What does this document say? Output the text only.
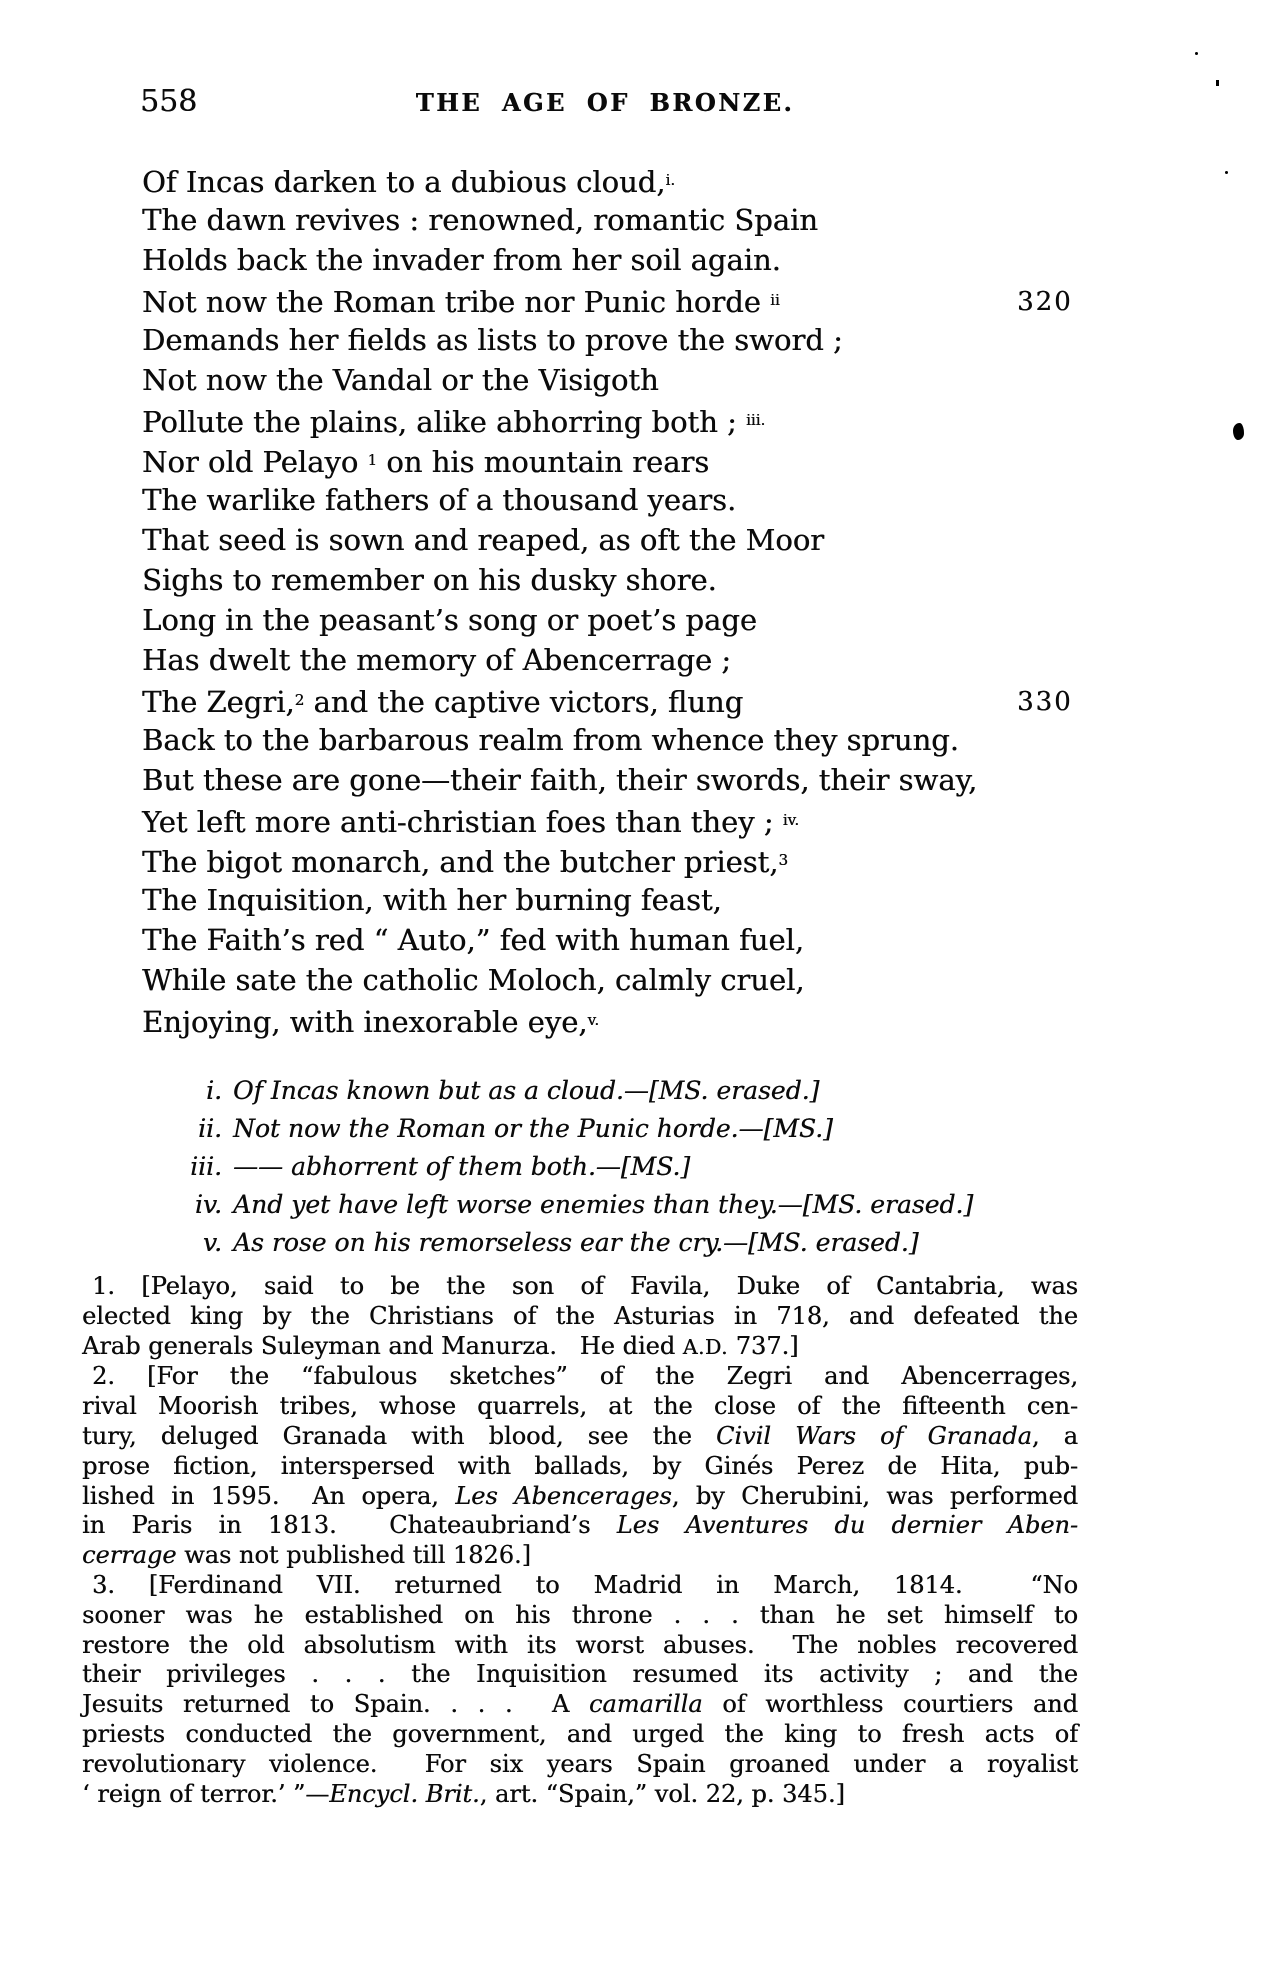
558	THE AGE OF BRONZE.
Of Incas darken to a dubious cloud,$^{i.}$
The dawn revives : renowned, romantic Spain
Holds back the invader from her soil again.
Not now the Roman tribe nor Punic horde $^{ii}$	320
Demands her fields as lists to prove the sword ;
Not now the Vandal or the Visigoth
Pollute the plains, alike abhorring both ; $^{iii.}$
Nor old Pelayo $^1$ on his mountain rears
The warlike fathers of a thousand years.
That seed is sown and reaped, as oft the Moor
Sighs to remember on his dusky shore.
Long in the peasant’s song or poet’s page
Has dwelt the memory of Abencerrage ;
The Zegri,$^2$ and the captive victors, flung	330
Back to the barbarous realm from whence they sprung.
But these are gone—their faith, their swords, their sway,
Yet left more anti-christian foes than they ; $^{iv.}$
The bigot monarch, and the butcher priest,$^3$
The Inquisition, with her burning feast,
The Faith’s red “ Auto,” fed with human fuel,
While sate the catholic Moloch, calmly cruel,
Enjoying, with inexorable eye,$^{v.}$
i. Of Incas known but as a cloud.—[MS. erased.]
ii. Not now the Roman or the Punic horde.—[MS.]
iii. —— abhorrent of them both.—[MS.]
iv. And yet have left worse enemies than they.—[MS. erased.]
v. As rose on his remorseless ear the cry.—[MS. erased.]
1. [Pelayo, said to be the son of Favila, Duke of Cantabria, was
elected king by the Christians of the Asturias in 718, and defeated the
Arab generals Suleyman and Manurza.   He died A.D. 737.]
2. [For the “fabulous sketches” of the Zegri and Abencerrages,
rival Moorish tribes, whose quarrels, at the close of the fifteenth cen-
tury, deluged Granada with blood, see the Civil Wars of Granada, a
prose fiction, interspersed with ballads, by Ginés Perez de Hita, pub-
lished in 1595.  An opera, Les Abencerages, by Cherubini, was performed
in Paris in 1813.  Chateaubriand’s Les Aventures du dernier Aben-
cerrage was not published till 1826.]
3. [Ferdinand VII. returned to Madrid in March, 1814.  “No
sooner was he established on his throne . . . than he set himself to
restore the old absolutism with its worst abuses.  The nobles recovered
their privileges . . . the Inquisition resumed its activity ; and the
Jesuits returned to Spain. . . .  A camarilla of worthless courtiers and
priests conducted the government, and urged the king to fresh acts of
revolutionary violence.  For six years Spain groaned under a royalist
‘ reign of terror.’ ”—Encycl. Brit., art. “Spain,” vol. 22, p. 345.]
